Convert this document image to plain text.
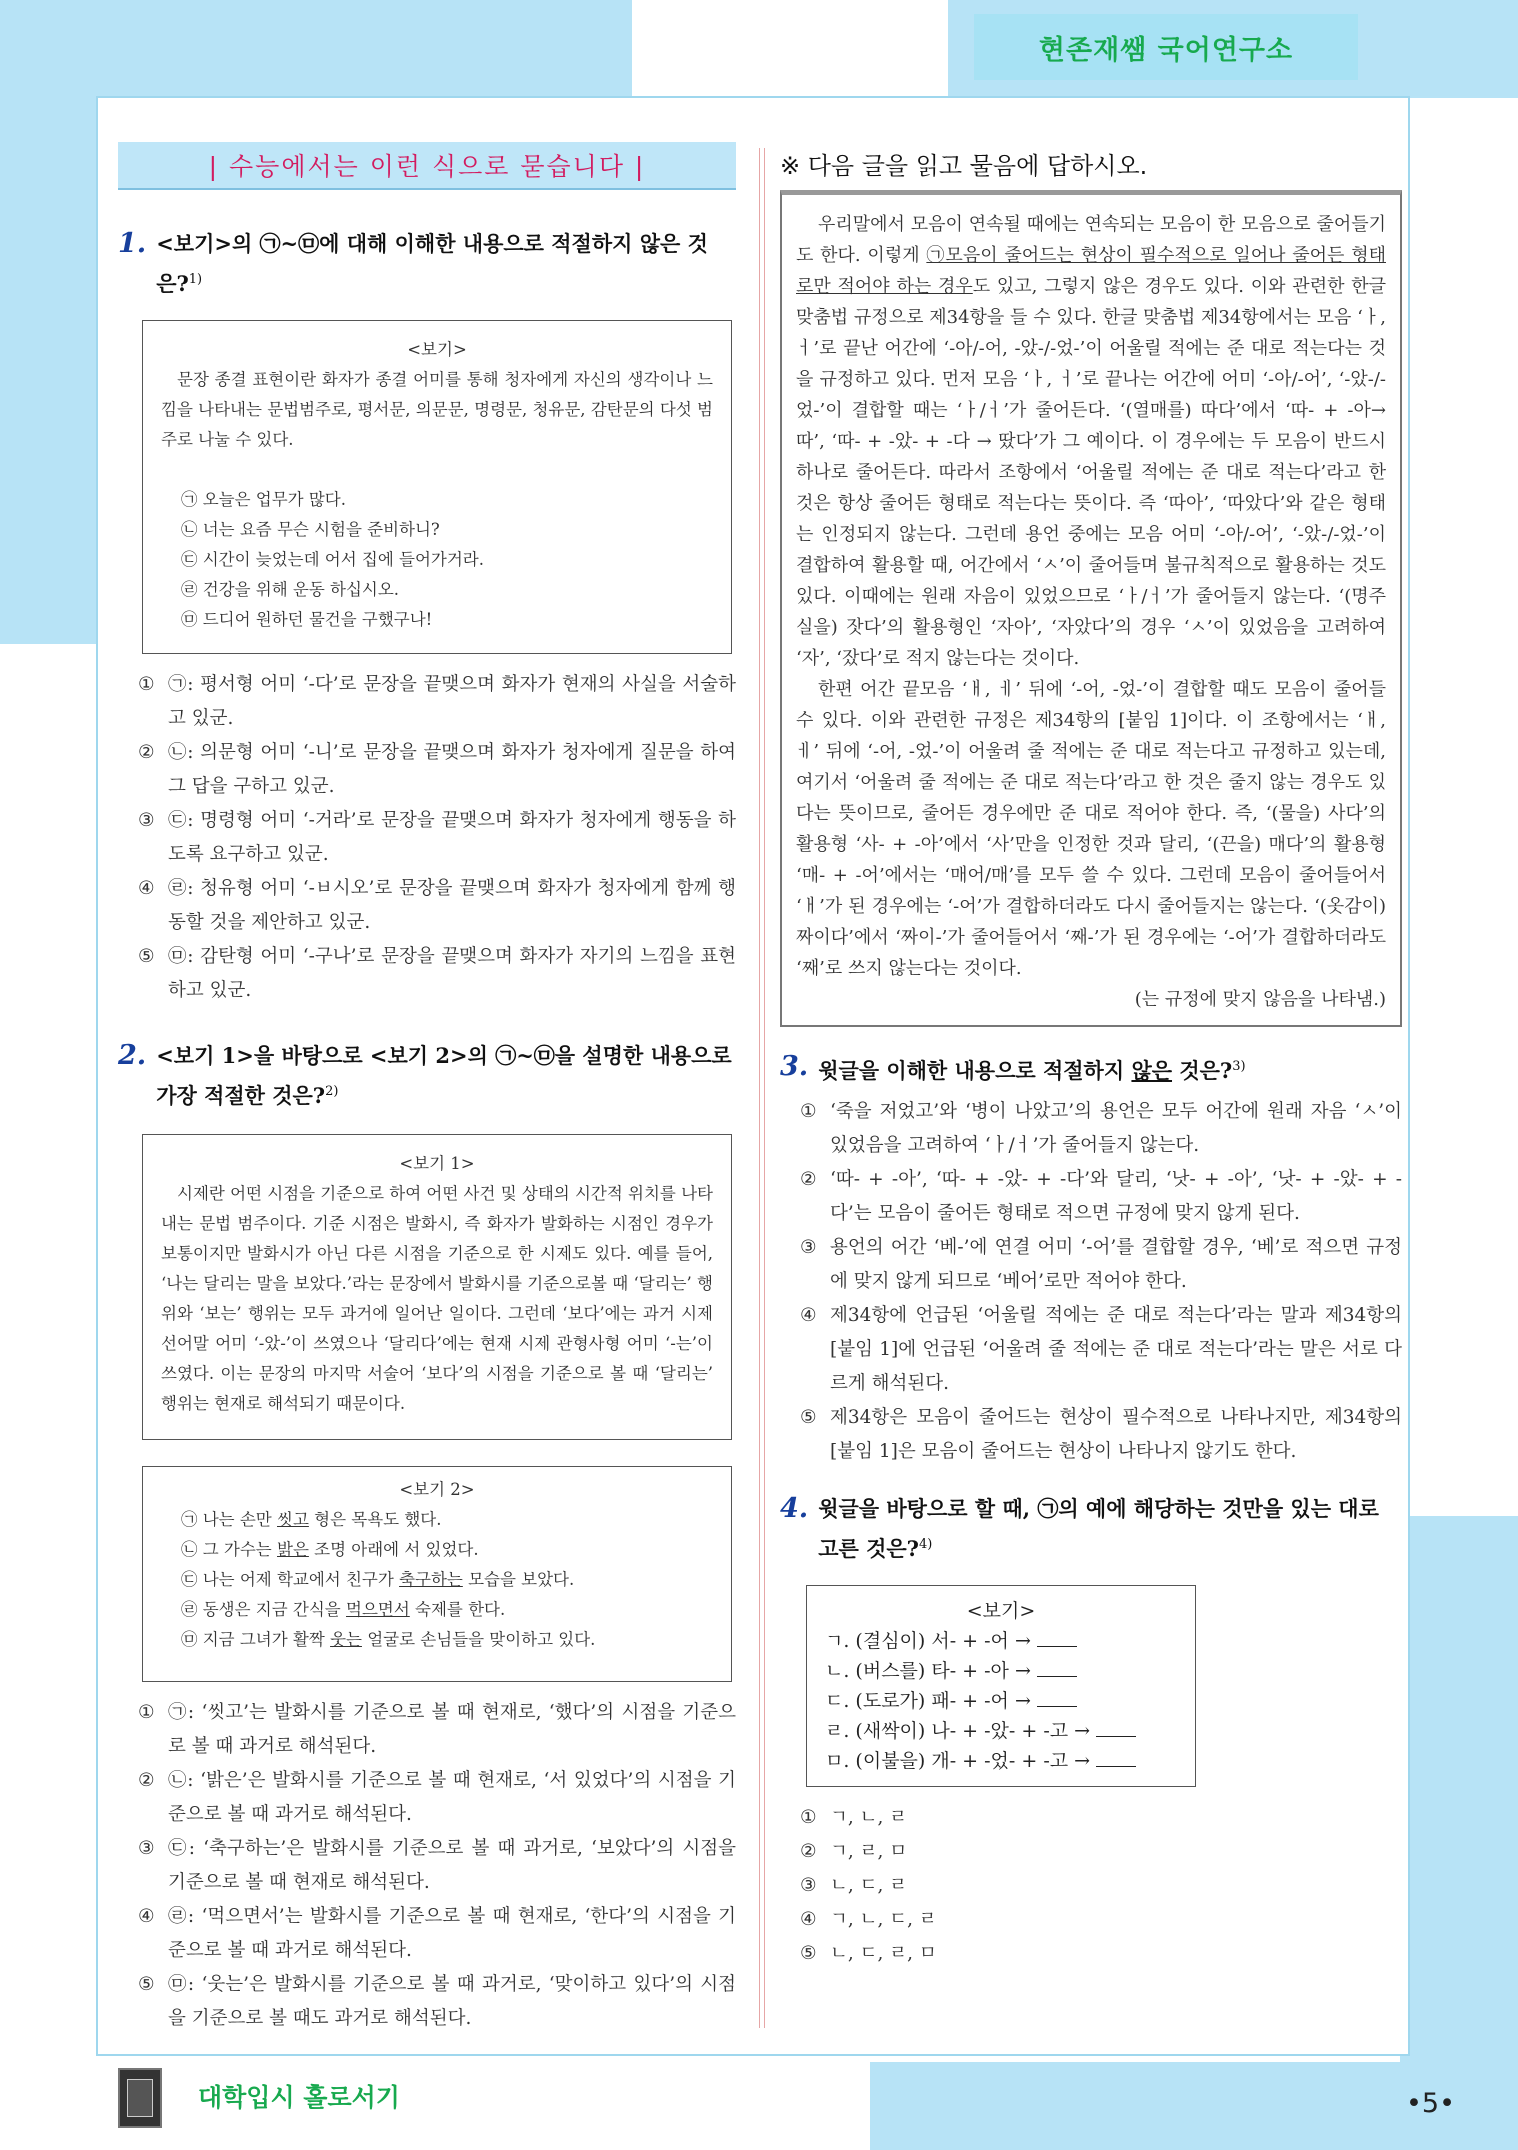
현존재쌤 국어연구소
| 수능에서는 이런 식으로 묻습니다 |
1. <보기>의 ㉠~㉤에 대해 이해한 내용으로 적절하지 않은 것은?$^{1)}$
<보기>

문장 종결 표현이란 화자가 종결 어미를 통해 청자에게 자신의 생각이나 느낌을 나타내는 문법범주로, 평서문, 의문문, 명령문, 청유문, 감탄문의 다섯 범주로 나눌 수 있다.

㉠ 오늘은 업무가 많다.
㉡ 너는 요즘 무슨 시험을 준비하니?
㉢ 시간이 늦었는데 어서 집에 들어가거라.
㉣ 건강을 위해 운동 하십시오.
㉤ 드디어 원하던 물건을 구했구나!
① ㉠: 평서형 어미 ‘-다’로 문장을 끝맺으며 화자가 현재의 사실을 서술하고 있군.
② ㉡: 의문형 어미 ‘-니’로 문장을 끝맺으며 화자가 청자에게 질문을 하여 그 답을 구하고 있군.
③ ㉢: 명령형 어미 ‘-거라’로 문장을 끝맺으며 화자가 청자에게 행동을 하도록 요구하고 있군.
④ ㉣: 청유형 어미 ‘-ㅂ시오’로 문장을 끝맺으며 화자가 청자에게 함께 행동할 것을 제안하고 있군.
⑤ ㉤: 감탄형 어미 ‘-구나’로 문장을 끝맺으며 화자가 자기의 느낌을 표현하고 있군.
2. <보기 1>을 바탕으로 <보기 2>의 ㉠~㉤을 설명한 내용으로 가장 적절한 것은?$^{2)}$
<보기 1>

시제란 어떤 시점을 기준으로 하여 어떤 사건 및 상태의 시간적 위치를 나타내는 문법 범주이다. 기준 시점은 발화시, 즉 화자가 발화하는 시점인 경우가 보통이지만 발화시가 아닌 다른 시점을 기준으로 한 시제도 있다. 예를 들어, ‘나는 달리는 말을 보았다.’라는 문장에서 발화시를 기준으로볼 때 ‘달리는’ 행위와 ‘보는’ 행위는 모두 과거에 일어난 일이다. 그런데 ‘보다’에는 과거 시제 선어말 어미 ‘-았-’이 쓰였으나 ‘달리다’에는 현재 시제 관형사형 어미 ‘-는’이 쓰였다. 이는 문장의 마지막 서술어 ‘보다’의 시점을 기준으로 볼 때 ‘달리는’ 행위는 현재로 해석되기 때문이다.

<보기 2>
㉠ 나는 손만 씻고 형은 목욕도 했다.
㉡ 그 가수는 밝은 조명 아래에 서 있었다.
㉢ 나는 어제 학교에서 친구가 축구하는 모습을 보았다.
㉣ 동생은 지금 간식을 먹으면서 숙제를 한다.
㉤ 지금 그녀가 활짝 웃는 얼굴로 손님들을 맞이하고 있다.
① ㉠: ‘씻고’는 발화시를 기준으로 볼 때 현재로, ‘했다’의 시점을 기준으로 볼 때 과거로 해석된다.
② ㉡: ‘밝은’은 발화시를 기준으로 볼 때 현재로, ‘서 있었다’의 시점을 기준으로 볼 때 과거로 해석된다.
③ ㉢: ‘축구하는’은 발화시를 기준으로 볼 때 과거로, ‘보았다’의 시점을 기준으로 볼 때 현재로 해석된다.
④ ㉣: ‘먹으면서’는 발화시를 기준으로 볼 때 현재로, ‘한다’의 시점을 기준으로 볼 때 과거로 해석된다.
⑤ ㉤: ‘웃는’은 발화시를 기준으로 볼 때 과거로, ‘맞이하고 있다’의 시점을 기준으로 볼 때도 과거로 해석된다.
※ 다음 글을 읽고 물음에 답하시오.

우리말에서 모음이 연속될 때에는 연속되는 모음이 한 모음으로 줄어들기도 한다. 이렇게 ㉠모음이 줄어드는 현상이 필수적으로 일어나 줄어든 형태로만 적어야 하는 경우도 있고, 그렇지 않은 경우도 있다. 이와 관련한 한글 맞춤법 규정으로 제34항을 들 수 있다. 한글 맞춤법 제34항에서는 모음 ‘ㅏ, ㅓ’로 끝난 어간에 ‘-아/-어, -았-/-었-’이 어울릴 적에는 준 대로 적는다는 것을 규정하고 있다. 먼저 모음 ‘ㅏ, ㅓ’로 끝나는 어간에 어미 ‘-아/-어’, ‘-았-/-었-’이 결합할 때는 ‘ㅏ/ㅓ’가 줄어든다. ‘(열매를) 따다’에서 ‘따- + -아→ 따’, ‘따- + -았- + -다 → 땄다’가 그 예이다. 이 경우에는 두 모음이 반드시 하나로 줄어든다. 따라서 조항에서 ‘어울릴 적에는 준 대로 적는다’라고 한 것은 항상 줄어든 형태로 적는다는 뜻이다. 즉 ‘따아’, ‘따았다’와 같은 형태는 인정되지 않는다. 그런데 용언 중에는 모음 어미 ‘-아/-어’, ‘-았-/-었-’이 결합하여 활용할 때, 어간에서 ‘ㅅ’이 줄어들며 불규칙적으로 활용하는 것도 있다. 이때에는 원래 자음이 있었으므로 ‘ㅏ/ㅓ’가 줄어들지 않는다. ‘(명주실을) 잣다’의 활용형인 ‘자아’, ‘자았다’의 경우 ‘ㅅ’이 있었음을 고려하여 ‘자’, ‘잤다’로 적지 않는다는 것이다.

한편 어간 끝모음 ‘ㅐ, ㅔ’ 뒤에 ‘-어, -었-’이 결합할 때도 모음이 줄어들 수 있다. 이와 관련한 규정은 제34항의 [붙임 1]이다. 이 조항에서는 ‘ㅐ, ㅔ’ 뒤에 ‘-어, -었-’이 어울려 줄 적에는 준 대로 적는다고 규정하고 있는데, 여기서 ‘어울려 줄 적에는 준 대로 적는다’라고 한 것은 줄지 않는 경우도 있다는 뜻이므로, 줄어든 경우에만 준 대로 적어야 한다. 즉, ‘(물을) 사다’의 활용형 ‘사- + -아’에서 ‘사’만을 인정한 것과 달리, ‘(끈을) 매다’의 활용형 ‘매- + -어’에서는 ‘매어/매’를 모두 쓸 수 있다. 그런데 모음이 줄어들어서 ‘ㅐ’가 된 경우에는 ‘-어’가 결합하더라도 다시 줄어들지는 않는다. ‘(옷감이) 짜이다’에서 ‘짜이-’가 줄어들어서 ‘째-’가 된 경우에는 ‘-어’가 결합하더라도 ‘째’로 쓰지 않는다는 것이다.

(는 규정에 맞지 않음을 나타냄.)

3. 윗글을 이해한 내용으로 적절하지 않은 것은?$^{3)}$
① ‘죽을 저었고’와 ‘병이 나았고’의 용언은 모두 어간에 원래 자음 ‘ㅅ’이 있었음을 고려하여 ‘ㅏ/ㅓ’가 줄어들지 않는다.
② ‘따- + -아’, ‘따- + -았- + -다’와 달리, ‘낫- + -아’, ‘낫- + -았- + -다’는 모음이 줄어든 형태로 적으면 규정에 맞지 않게 된다.
③ 용언의 어간 ‘베-’에 연결 어미 ‘-어’를 결합할 경우, ‘베’로 적으면 규정에 맞지 않게 되므로 ‘베어’로만 적어야 한다.
④ 제34항에 언급된 ‘어울릴 적에는 준 대로 적는다’라는 말과 제34항의 [붙임 1]에 언급된 ‘어울려 줄 적에는 준 대로 적는다’라는 말은 서로 다르게 해석된다.
⑤ 제34항은 모음이 줄어드는 현상이 필수적으로 나타나지만, 제34항의 [붙임 1]은 모음이 줄어드는 현상이 나타나지 않기도 한다.
4. 윗글을 바탕으로 할 때, ㉠의 예에 해당하는 것만을 있는 대로 고른 것은?$^{4)}$
<보기>
ㄱ. (결심이) 서- + -어 →
ㄴ. (버스를) 타- + -아 →
ㄷ. (도로가) 패- + -어 →
ㄹ. (새싹이) 나- + -았- + -고 →
ㅁ. (이불을) 개- + -었- + -고 →
① ㄱ, ㄴ, ㄹ
② ㄱ, ㄹ, ㅁ
③ ㄴ, ㄷ, ㄹ
④ ㄱ, ㄴ, ㄷ, ㄹ
⑤ ㄴ, ㄷ, ㄹ, ㅁ
대학입시 홀로서기	•5•
